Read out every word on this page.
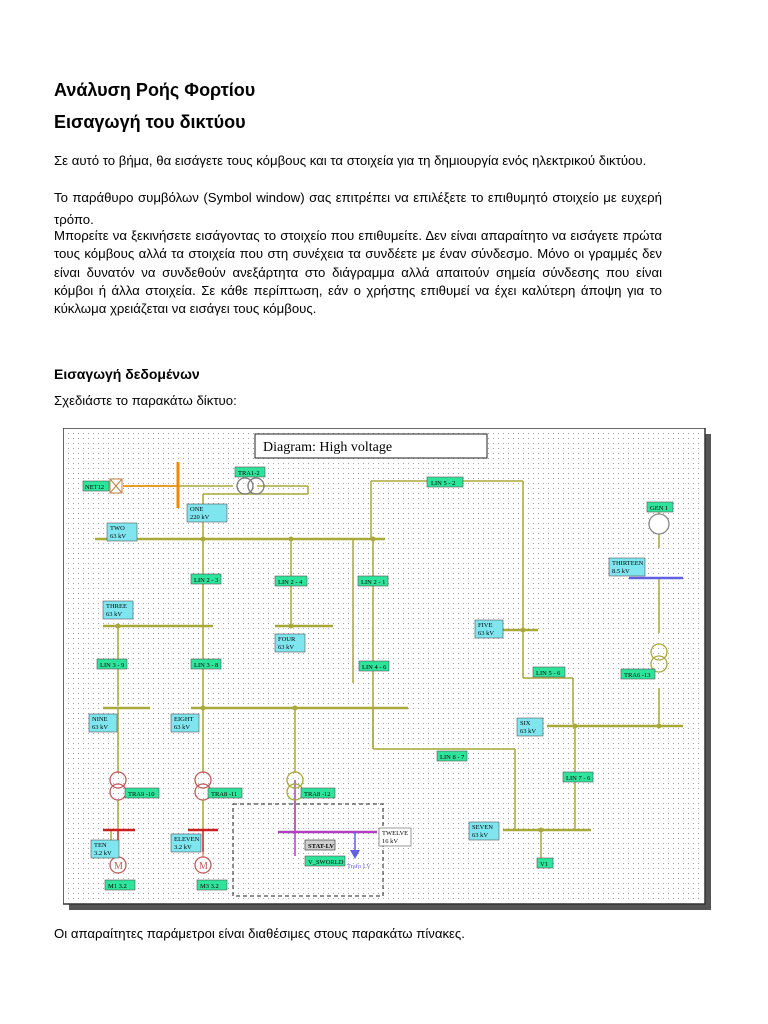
Ανάλυση Ροής Φορτίου
Εισαγωγή του δικτύου

Σε αυτό το βήμα, θα εισάγετε τους κόμβους και τα στοιχεία για τη δημιουργία ενός ηλεκτρικού δικτύου.

Το παράθυρο συμβόλων (Symbol window) σας επιτρέπει να επιλέξετε το επιθυμητό στοιχείο με ευχερή τρόπο.

Μπορείτε να ξεκινήσετε εισάγοντας το στοιχείο που επιθυμείτε. Δεν είναι απαραίτητο να εισάγετε πρώτα τους κόμβους αλλά τα στοιχεία που στη συνέχεια τα συνδέετε με έναν σύνδεσμο. Μόνο οι γραμμές δεν είναι δυνατόν να συνδεθούν ανεξάρτητα στο διάγραμμα αλλά απαιτούν σημεία σύνδεσης που είναι κόμβοι ή άλλα στοιχεία. Σε κάθε περίπτωση, εάν ο χρήστης επιθυμεί να έχει καλύτερη άποψη για το κύκλωμα χρειάζεται να εισάγει τους κόμβους.

Εισαγωγή δεδομένων

Σχεδιάστε το παρακάτω δίκτυο:

Diagram: High voltage
M	M
NET12
TRA1-2
LIN 5 - 2
GEN 1
LIN 2 - 3	LIN 2 - 4	LIN 2 - 1
LIN 3 - 9	LIN 3 - 8	LIN 4 - 6
LIN 5 - 6	TRA6 -13
LIN 8 - 7
LIN 7 - 6
TRA9 -10	TRA8 -11	TRA8 -12
M1 3.2	M3 3.2
V1
V_SWORLD
STAT-LV
Trafo LV
ONE
220 kV
TWO
63 kV
THIRTEEN
8.5 kV
THREE
63 kV
FOUR
63 kV
FIVE
63 kV
NINE
63 kV
EIGHT
63 kV
SIX
63 kV
SEVEN
63 kV
TEN
3.2 kV
ELEVEN
3.2 kV
TWELVE
16 kV

Οι απαραίτητες παράμετροι είναι διαθέσιμες στους παρακάτω πίνακες.
